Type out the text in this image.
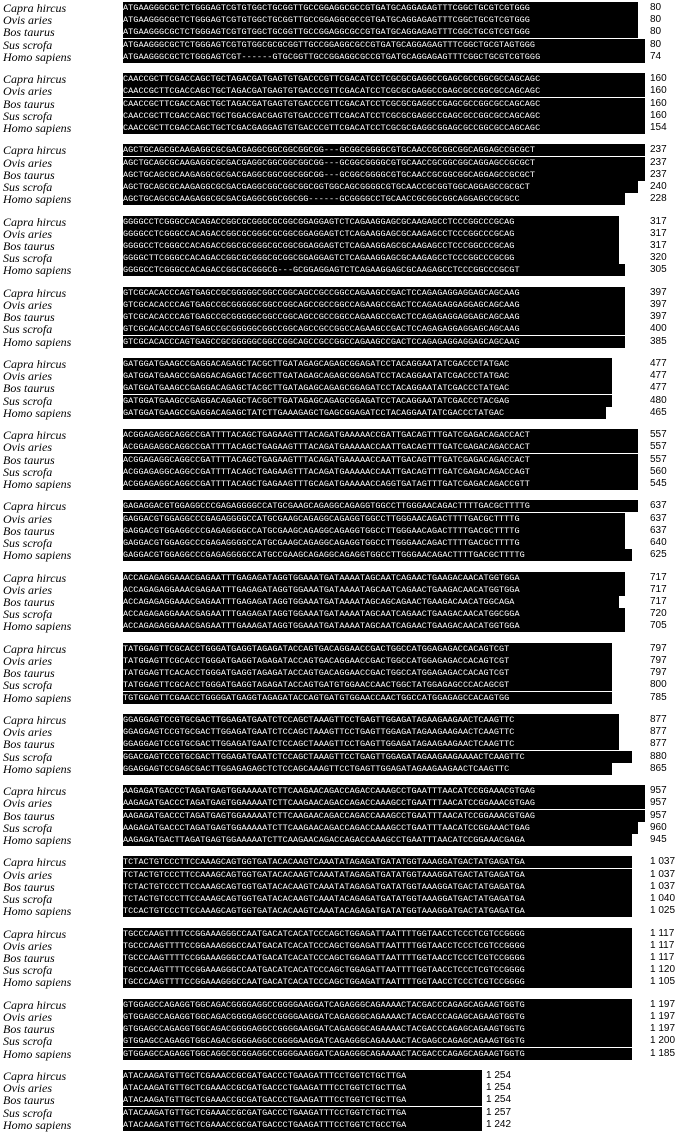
Capra hircus	ATGAAGGGCGCTCTGGGAGTCGTGTGGCTGCGGTTGCCGGAGGCGCCGTGATGCAGGAGAGTTTCGGCTGCGTCGTGGG	80
Ovis aries	ATGAAGGGCGCTCTGGGAGTCGTGTGGCTGCGGTTGCCGGAGGCGCCGTGATGCAGGAGAGTTTCGGCTGCGTCGTGGG	80
Bos taurus	ATGAAGGGCGCTCTGGGAGTCGTGTGGCTGCGGTTGCCGGAGGCGCCGTGATGCAGGAGAGTTTCGGCTGCGTCGTGGG	80
Sus scrofa	ATGAAGGGCGCTCTGGGAGTCGTGTGGCGCGCGGTTGCCGGAGGCGCCGTGATGCAGGAGAGTTTCGGCTGCGTAGTGGG	80
Homo sapiens	ATGAAGGGCGCTCTGGGAGTCGT------GTGCGGTTGCCGGAGGCGCCGTGATGCAGGAGAGTTTCGGCTGCGTCGTGGG	74
Capra hircus	CAACCGCTTCGACCAGCTGCTAGACGATGAGTGTGACCCGTTCGACATCCTCGCGCGAGGCCGAGCGCCGGCGCCAGCAGC	160
Ovis aries	CAACCGCTTCGACCAGCTGCTAGACGATGAGTGTGACCCGTTCGACATCCTCGCGCGAGGCCGAGCGCCGGCGCCAGCAGC	160
Bos taurus	CAACCGCTTCGACCAGCTGCTAGACGATGAGTGTGACCCGTTCGACATCCTCGCGCGAGGCCGAGCGCCGGCGCCAGCAGC	160
Sus scrofa	CAACCGCTTCGACCAGCTGCTGGACGACGAGTGTGACCCGTTCGACATCCTCGCGCGAGGCCGAGCGCCGGCGCCAGCAGC	160
Homo sapiens	CAACCGCTTCGACCAGCTGCTCGACGAGGAGTGTGACCCGTTCGACATCCTCGCGCGAGGCGGAGCGCCGGCGCCAGCAGC	154
Capra hircus	AGCTGCAGCGCAAGAGGCGCGACGAGGCGGCGGCGGCGG---GCGGCGGGGCGTGCAACCGCGGCGGCAGGAGCCGCGCT	237
Ovis aries	AGCTGCAGCGCAAGAGGCGCGACGAGGCGGCGGCGGCGG---GCGGCGGGGCGTGCAACCGCGGCGGCAGGAGCCGCGCT	237
Bos taurus	AGCTGCAGCGCAAGAGGCGCGACGAGGCGGCGGCGGCGG---GCGGCGGGGCGTGCAACCGCGGCGGCAGGAGCCGCGCT	237
Sus scrofa	AGCTGCAGCGCAAGAGGCGCGACGAGGCGGCGGCGGCGGTGGCAGCGGGGCGTGCAACCGCGGTGGCAGGAGCCGCGCT	240
Homo sapiens	AGCTGCAGCGCAAGAGGCGCGACGAGGCGGCGGCGG------GCGGGGCCTGCAACCGCGGCGGCAGGAGCCGCGCC	228
Capra hircus	GGGGCCTCGGGCCACAGACCGGCGCGGGCGCGGCGGAGGAGTCTCAGAAGGAGCGCAAGAGCCTCCCGGCCCGCAG	317
Ovis aries	GGGGCCTCGGGCCACAGACCGGCGCGGGCGCGGCGGAGGAGTCTCAGAAGGAGCGCAAGAGCCTCCCGGCCCGCAG	317
Bos taurus	GGGGCCTCGGGCCACAGACCGGCGCGGGCGCGGCGGAGGAGTCTCAGAAGGAGCGCAAGAGCCTCCCGGCCCGCAG	317
Sus scrofa	GGGGCTTCGGGCCACAGACCGGCGCGGGCGCGGCGGAGGAGTCTCAGAAGGAGCGCAAGAGCCTCCCGGCCCGCGG	320
Homo sapiens	GGGGCCTCGGGCCACAGACCGGCGCGGGCG---GCGGAGGAGTCTCAGAAGGAGCGCAAGAGCCTCCCGGCCCGCGT	305
Capra hircus	GTCGCACACCCAGTGAGCCGCGGGGGCGGCCGGCAGCCGCCGGCCAGAAGCCGACTCCAGAGAGGAGGAGCAGCAAG	397
Ovis aries	GTCGCACACCCAGTGAGCCGCGGGGGCGGCCGGCAGCCGCCGGCCAGAAGCCGACTCCAGAGAGGAGGAGCAGCAAG	397
Bos taurus	GTCGCACACCCAGTGAGCCGCGGGGGCGGCCGGCAGCCGCCGGCCAGAAGCCGACTCCAGAGAGGAGGAGCAGCAAG	397
Sus scrofa	GTCGCACACCCAGTGAGCCGCGGGGGCGGCCGGCAGCCGCCGGCCAGAAGCCGACTCCAGAGAGGAGGAGCAGCAAG	400
Homo sapiens	GTCGCACACCCAGTGAGCCGCGGGGGCGGCCGGCAGCCGCCGGCCAGAAGCCGACTCCAGAGAGGAGGAGCAGCAAG	385
Capra hircus	GATGGATGAAGCCGAGGACAGAGCTACGCTTGATAGAGCAGAGCGGAGATCCTACAGGAATATCGACCCTATGAC	477
Ovis aries	GATGGATGAAGCCGAGGACAGAGCTACGCTTGATAGAGCAGAGCGGAGATCCTACAGGAATATCGACCCTATGAC	477
Bos taurus	GATGGATGAAGCCGAGGACAGAGCTACGCTTGATAGAGCAGAGCGGAGATCCTACAGGAATATCGACCCTATGAC	477
Sus scrofa	GATGGATGAAGCCGAGGACAGAGCTACGCTTGATAGAGCAGAGCGGAGATCCTACAGGAATATCGACCCTACGAG	480
Homo sapiens	GATGGATGAAGCCGAGGACAGAGCTATCTTGAAAGAGCTGAGCGGAGATCCTACAGGAATATCGACCCTATGAC	465
Capra hircus	ACGGAGAGGCAGGCCGATTTTACAGCTGAGAAGTTTACAGATGAAAAACCGATTGACAGTTTGATCGAGACAGACCACT	557
Ovis aries	ACGGAGAGGCAGGCCGATTTTACAGCTGAGAAGTTTACAGATGAAAAACCAATTGACAGTTTGATCGAGACAGACCACT	557
Bos taurus	ACGGAGAGGCAGGCCGATTTTACAGCTGAGAAGTTTACAGATGAAAAACCAATTGACAGTTTGATCGAGACAGACCACT	557
Sus scrofa	ACGGAGAGGCAGGCCGATTTTACAGCTGAGAAGTTTACAGATGAAAAACCAATTGACAGTTTGATCGAGACAGACCAGT	560
Homo sapiens	ACGGAGAGGCAGGCCGATTTTACAGCTGAGAAGTTTGCAGATGAAAAACCAGGTGATAGTTTGATCGAGACAGACCGTT	545
Capra hircus	GAGAGGACGTGGAGGCCCGAGAGGGGCCATGCGAAGCAGAGGCAGAGGTGGCCTTGGGAACAGACTTTTGACGCTTTTG	637
Ovis aries	GAGGACGTGGAGGCCCGAGAGGGGCCATGCGAAGCAGAGGCAGAGGTGGCCTTGGGAACAGACTTTTGACGCTTTTG	637
Bos taurus	GAGGACGTGGAGGCCCGAGAGGGGCCATGCGAAGCAGAGGCAGAGGTGGCCTTGGGAACAGACTTTTGACGCTTTTG	637
Sus scrofa	GAGGACGTGGAGGCCCGAGAGGGGCCATGCGAAGCAGAGGCAGAGGTGGCCTTGGGAACAGACTTTTGACGCTTTTG	640
Homo sapiens	GAGGACGTGGAGGCCCGAGAGGGGCCATGCCGAAGCAGAGGCAGAGGTGGCCTTGGGAACAGACTTTTGACGCTTTTG	625
Capra hircus	ACCAGAGAGGAAACGAGAATTTGAGAGATAGGTGGAAATGATAAAATAGCAATCAGAACTGAAGACAACATGGTGGA	717
Ovis aries	ACCAGAGAGGAAACGAGAATTTGAGAGATAGGTGGAAATGATAAAATAGCAATCAGAACTGAAGACAACATGGTGGA	717
Bos taurus	ACCAGAGAGGAAACGAGAATTTGAGAGATAGGTGGAAATGATAAAATAGCAGCAGAACTGAAGACAACATGGCAGA	717
Sus scrofa	ACCAGAGAGGAAACGAGAATTTGAGAGATAGGTGGAAATGATAAAATAGCAATCAGAACTGAAGACAACATGGCGGA	720
Homo sapiens	ACCAGAGAGGAAACGAGAATTTGAAAGATAGGTGGAAATGATAAAATAGCAATCAGAACTGAAGACAACATGGTGGA	705
Capra hircus	TATGGAGTTCGCACCTGGGATGAGGTAGAGATACCAGTGACAGGAACCGACTGGCCATGGAGAGACCACAGTCGT	797
Ovis aries	TATGGAGTTCGCACCTGGGATGAGGTAGAGATACCAGTGACAGGAACCGACTGGCCATGGAGAGACCACAGTCGT	797
Bos taurus	TATGGAGTTCACACCTGGGATGAGGTAGAGATACCAGTGACAGGAACCGACTGGCCATGGAGAGACCACAGTCGT	797
Sus scrofa	TATGGAGTTCGCACCTGGGATGAGGTAGAGATACCAGTGATGTGGAACCAACTGGCTATGGAGAGCCCACAGCGT	800
Homo sapiens	TGTGGAGTTCGAACCTGGGGATGAGGTAGAGATACCAGTGATGTGGAACCAACTGGCCATGGAGAGCCACAGTGG	785
Capra hircus	GGAGGAGTCCGTGCGACTTGGAGATGAATCTCCAGCTAAAGTTCCTGAGTTGGAGATAGAAGAAGAACTCAAGTTC	877
Ovis aries	GGAGGAGTCCGTGCGACTTGGAGATGAATCTCCAGCTAAAGTTCCTGAGTTGGAGATAGAAGAAGAACTCAAGTTC	877
Bos taurus	GGAGGAGTCCGTGCGACTTGGAGATGAATCTCCAGCTAAAGTTCCTGAGTTGGAGATAGAAGAAGAACTCAAGTTC	877
Sus scrofa	GGACGAGTCCGTGCGACTTGGAGATGAATCTCCAGCTAAAGTTCCTGAGTTGGAGATAGAAGAAGAAAACTCAAGTTC	880
Homo sapiens	GGAGGAGTCCGAGCGACTTGGAGAGAGCTCTCCAGCAAAGTTCCTGAGTTGGAGATAGAAGAAGAACTCAAGTTC	865
Capra hircus	AAGAGATGACCCTAGATGAGTGGAAAAATCTTCAAGAACAGACCAGACCAAAGCCTGAATTTAACATCCGGAAACGTGAG	957
Ovis aries	AAGAGATGACCCTAGATGAGTGGAAAAATCTTCAAGAACAGACCAGACCAAAGCCTGAATTTAACATCCGGAAACGTGAG	957
Bos taurus	AAGAGATGACCCTAGATGAGTGGAAAAATCTTCAAGAACAGACCAGACCAAAGCCTGAATTTAACATCCGGAAACGTGAG	957
Sus scrofa	AAGAGATGACCCTAGATGAGTGGAAAAATCTTCAAGAACAGACCAGACCAAAGCCTGAATTTAACATCCGGAAACTGAG	960
Homo sapiens	AAGAGATGACTTAGATGAGTGGAAAAATCTTCAAGAACAGACCAGACCAAAGCCTGAATTTAACATCCGGAAACGAGA	945
Capra hircus	TCTACTGTCCCTTCCAAAGCAGTGGTGATACACAAGTCAAATATAGAGATGATATGGTAAAGGATGACTATGAGATGA	1 037
Ovis aries	TCTACTGTCCCTTCCAAAGCAGTGGTGATACACAAGTCAAATATAGAGATGATATGGTAAAGGATGACTATGAGATGA	1 037
Bos taurus	TCTACTGTCCCTTCCAAAGCAGTGGTGATACACAAGTCAAATATAGAGATGATATGGTAAAGGATGACTATGAGATGA	1 037
Sus scrofa	TCTACTGTCCCTTCCAAAGCAGTGGTGATACACAAGTCAAATACAGAGATGATATGGTAAAGGATGACTATGAGATGA	1 040
Homo sapiens	TCCACTGTCCCTTCCAAAGCAGTGGTGATACACAAGTCAAATACAGAGATGATATGGTAAAGGATGACTATGAGATGA	1 025
Capra hircus	TGCCCAAGTTTTCCGGAAAGGGCCAATGACATCACATCCCAGCTGGAGATTAATTTTGGTAACCTCCCTCGTCCGGGG	1 117
Ovis aries	TGCCCAAGTTTTCCGGAAAGGGCCAATGACATCACATCCCAGCTGGAGATTAATTTTGGTAACCTCCCTCGTCCGGGG	1 117
Bos taurus	TGCCCAAGTTTTCCGGAAAGGGCCAATGACATCACATCCCAGCTGGAGATTAATTTTGGTAACCTCCCTCGTCCGGGG	1 117
Sus scrofa	TGCCCAAGTTTTCCGGAAAGGGCCAATGACATCACATCCCAGCTGGAGATTAATTTTGGTAACCTCCCTCGTCCGGGG	1 120
Homo sapiens	TGCCCAAGTTTTCCGGAAAGGGCCAATGACATCACATCCCAGCTGGAGATTAATTTTGGTAACCTCCCTCGTCCGGGG	1 105
Capra hircus	GTGGAGCCAGAGGTGGCAGACGGGGAGGCCGGGGAAGGATCAGAGGGCAGAAAACTACGACCCAGAGCAGAAGTGGTG	1 197
Ovis aries	GTGGAGCCAGAGGTGGCAGACGGGGAGGCCGGGGAAGGATCAGAGGGCAGAAAACTACGACCCAGAGCAGAAGTGGTG	1 197
Bos taurus	GTGGAGCCAGAGGTGGCAGACGGGGAGGCCGGGGAAGGATCAGAGGGCAGAAAACTACGACCCAGAGCAGAAGTGGTG	1 197
Sus scrofa	GTGGAGCCAGAGGTGGCAGACGGGGAGGCCGGGGAAGGATCAGAGGGCAGAAAACTACGAGCCAGAGCAGAAGTGGTG	1 200
Homo sapiens	GTGGAGCCAGAGGTGGCAGGCGCGGAGGCCGGGGAAGGATCAGAGGGCAGAAAACTACGACCCAGAGCAGAAGTGGTG	1 185
Capra hircus	ATACAAGATGTTGCTCGAAACCGCGATGACCCTGAAGATTTCCTGGTCTGCTTGA	1 254
Ovis aries	ATACAAGATGTTGCTCGAAACCGCGATGACCCTGAAGATTTCCTGGTCTGCTTGA	1 254
Bos taurus	ATACAAGATGTTGCTCGAAACCGCGATGACCCTGAAGATTTCCTGGTCTGCTTGA	1 254
Sus scrofa	ATACAAGATGTTGCTCGAAACCGCGATGACCCTGAAGATTTCCTGGTCTGCTTGA	1 257
Homo sapiens	ATACAAGATGTTGCTCGAAACCGCGATGACCCTGAAGATTTCCTGGTCTGCCTGA	1 242
